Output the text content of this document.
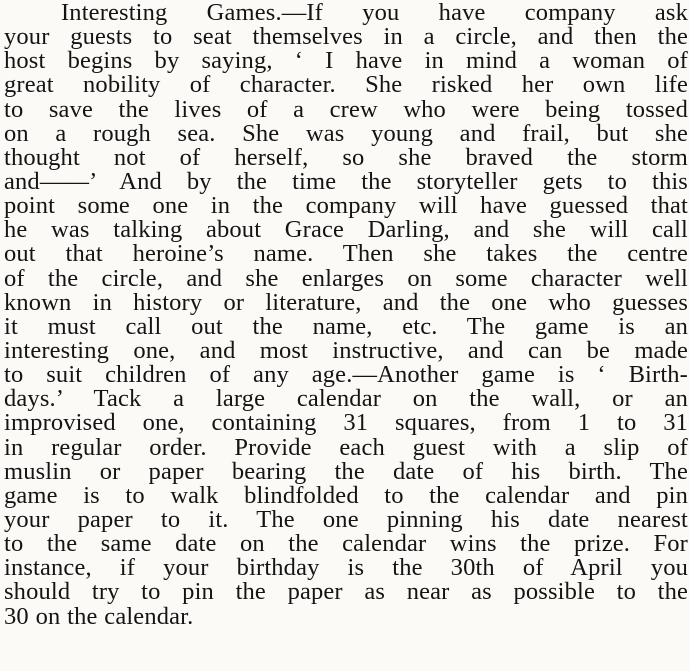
Interesting Games.—If you have company ask
your guests to seat themselves in a circle, and then the
host begins by saying, ‘ I have in mind a woman of
great nobility of character. She risked her own life
to save the lives of a crew who were being tossed
on a rough sea. She was young and frail, but she
thought not of herself, so she braved the storm
and——’ And by the time the storyteller gets to this
point some one in the company will have guessed that
he was talking about Grace Darling, and she will call
out that heroine’s name. Then she takes the centre
of the circle, and she enlarges on some character well
known in history or literature, and the one who guesses
it must call out the name, etc. The game is an
interesting one, and most instructive, and can be made
to suit children of any age.—Another game is ‘ Birth-
days.’ Tack a large calendar on the wall, or an
improvised one, containing 31 squares, from 1 to 31
in regular order. Provide each guest with a slip of
muslin or paper bearing the date of his birth. The
game is to walk blindfolded to the calendar and pin
your paper to it. The one pinning his date nearest
to the same date on the calendar wins the prize. For
instance, if your birthday is the 30th of April you
should try to pin the paper as near as possible to the
30 on the calendar.
